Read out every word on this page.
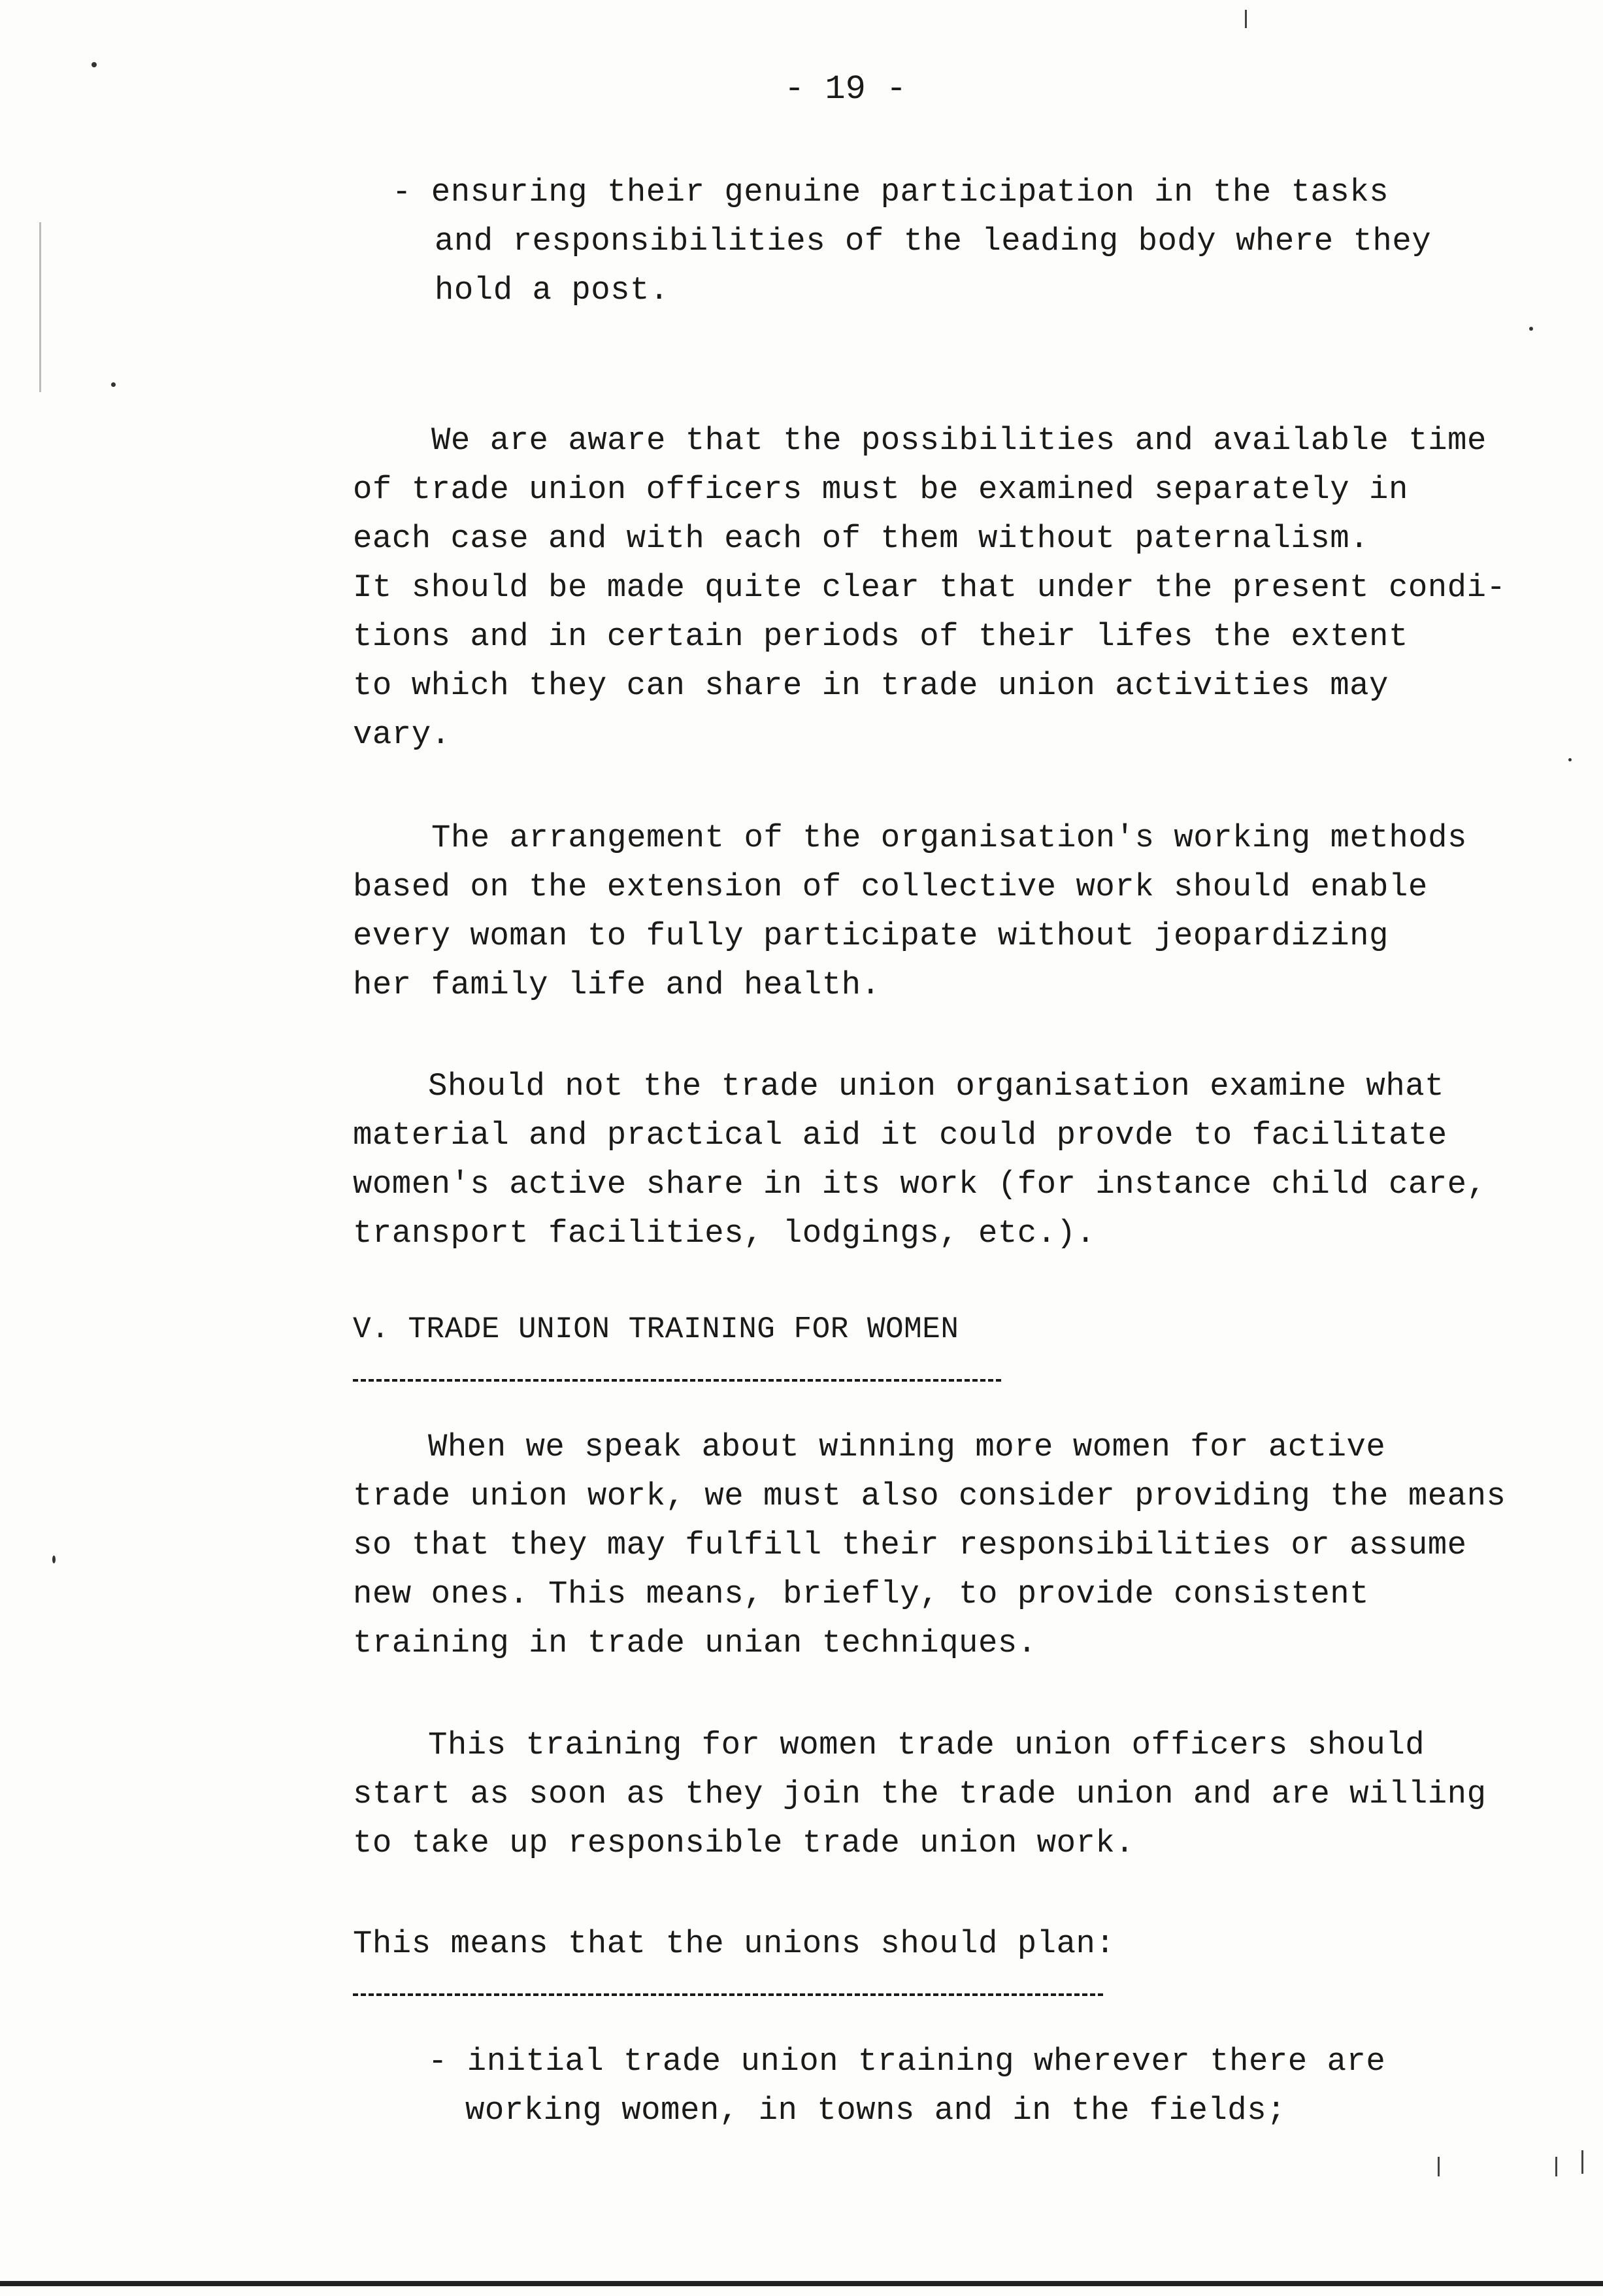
- 19 -
- ensuring their genuine participation in the tasks
and responsibilities of the leading body where they
hold a post.
We are aware that the possibilities and available time
of trade union officers must be examined separately in
each case and with each of them without paternalism.
It should be made quite clear that under the present condi-
tions and in certain periods of their lifes the extent
to which they can share in trade union activities may
vary.
The arrangement of the organisation's working methods
based on the extension of collective work should enable
every woman to fully participate without jeopardizing
her family life and health.
Should not the trade union organisation examine what
material and practical aid it could provde to facilitate
women's active share in its work (for instance child care,
transport facilities, lodgings, etc.).
V. TRADE UNION TRAINING FOR WOMEN
When we speak about winning more women for active
trade union work, we must also consider providing the means
so that they may fulfill their responsibilities or assume
new ones. This means, briefly, to provide consistent
training in trade unian techniques.
This training for women trade union officers should
start as soon as they join the trade union and are willing
to take up responsible trade union work.
This means that the unions should plan:
- initial trade union training wherever there are
working women, in towns and in the fields;
